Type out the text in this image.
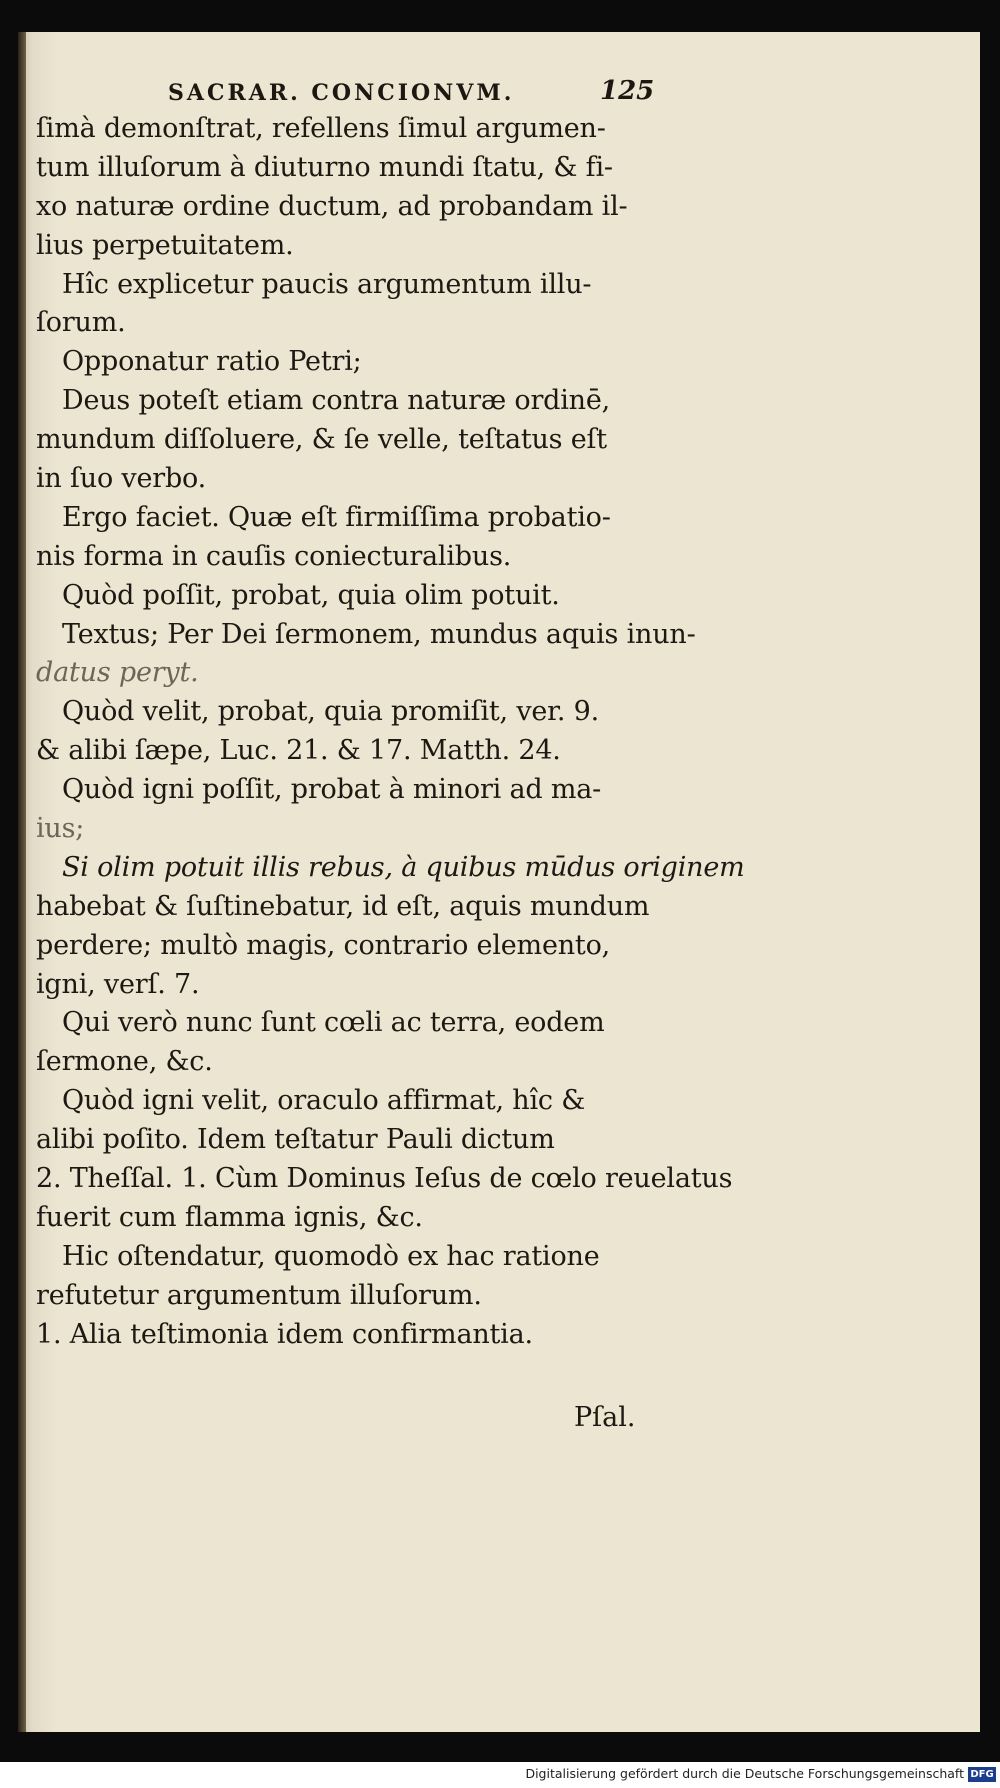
SACRAR. CONCIONVM.	125
ſimà demonſtrat, refellens ſimul argumen-
tum illuſorum à diuturno mundi ſtatu, & fi-
xo naturæ ordine ductum, ad probandam il-
lius perpetuitatem.
Hîc explicetur paucis argumentum illu-
ſorum.
Opponatur ratio Petri;
Deus poteſt etiam contra naturæ ordinē,
mundum diſſoluere, & ſe velle, teſtatus eſt
in ſuo verbo.
Ergo faciet. Quæ eſt firmiſſima probatio-
nis forma in cauſis coniecturalibus.
Quòd poſſit, probat, quia olim potuit.
Textus; Per Dei ſermonem, mundus aquis inun-
datus peryt.
Quòd velit, probat, quia promiſit, ver. 9.
& alibi ſæpe, Luc. 21. & 17. Matth. 24.
Quòd igni poſſit, probat à minori ad ma-
ius;
Si olim potuit illis rebus, à quibus mūdus originem
habebat & ſuſtinebatur, id eſt, aquis mundum
perdere; multò magis, contrario elemento,
igni, verſ. 7.
Qui verò nunc ſunt cœli ac terra, eodem
ſermone, &c.
Quòd igni velit, oraculo affirmat, hîc &
alibi poſito. Idem teſtatur Pauli dictum
2. Theſſal. 1. Cùm Dominus Ieſus de cœlo reuelatus
fuerit cum flamma ignis, &c.
Hic oſtendatur, quomodò ex hac ratione
refutetur argumentum illuſorum.
1. Alia teſtimonia idem confirmantia.
Pſal.
Digitalisierung gefördert durch die Deutsche Forschungsgemeinschaft DFG
